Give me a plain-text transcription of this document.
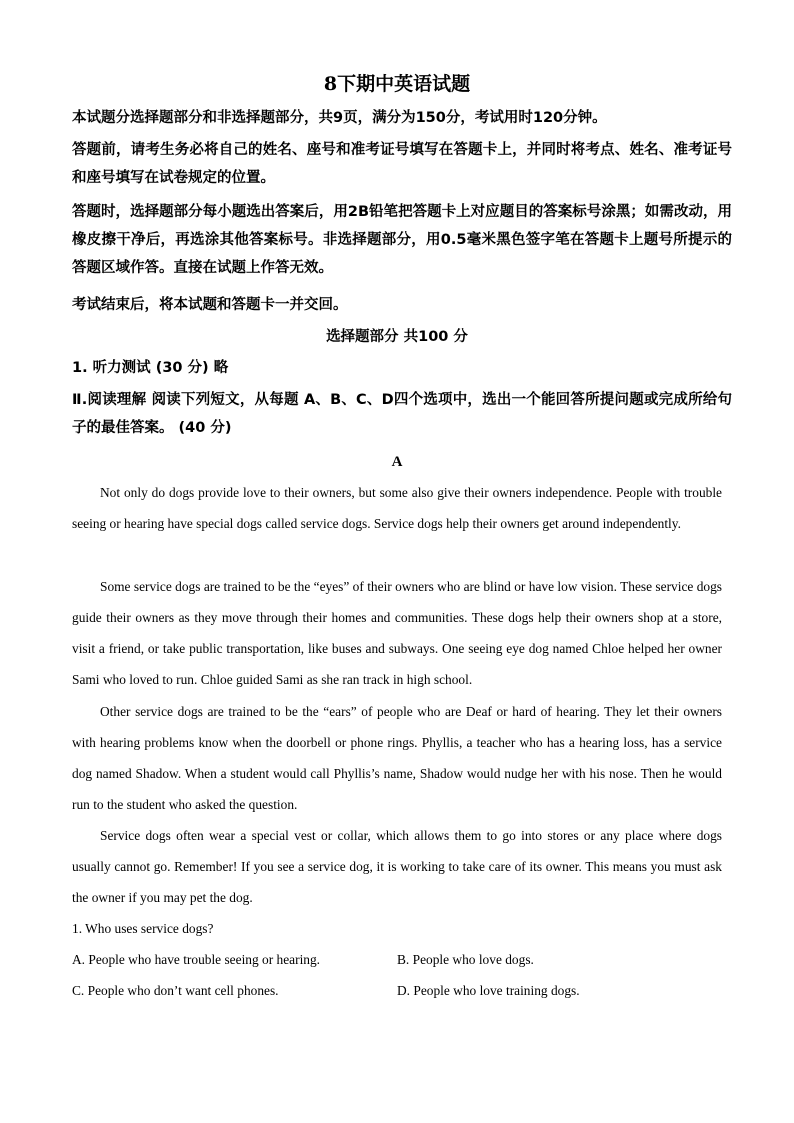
8下期中英语试题

本试题分选择题部分和非选择题部分，共9页，满分为150分，考试用时120分钟。

答题前，请考生务必将自己的姓名、座号和准考证号填写在答题卡上，并同时将考点、姓名、准考证号和座号填写在试卷规定的位置。

答题时，选择题部分每小题选出答案后，用2B铅笔把答题卡上对应题目的答案标号涂黑；如需改动，用橡皮擦干净后，再选涂其他答案标号。非选择题部分，用0.5毫米黑色签字笔在答题卡上题号所提示的答题区域作答。直接在试题上作答无效。

考试结束后，将本试题和答题卡一并交回。

选择题部分 共100 分

1. 听力测试 (30 分) 略

Ⅱ.阅读理解 阅读下列短文，从每题 A、B、C、D四个选项中，选出一个能回答所提问题或完成所给句子的最佳答案。 (40 分)

A

Not only do dogs provide love to their owners, but some also give their owners independence. People with trouble seeing or hearing have special dogs called service dogs. Service dogs help their owners get around independently.

Some service dogs are trained to be the “eyes” of their owners who are blind or have low vision. These service dogs guide their owners as they move through their homes and communities. These dogs help their owners shop at a store, visit a friend, or take public transportation, like buses and subways. One seeing eye dog named Chloe helped her owner Sami who loved to run. Chloe guided Sami as she ran track in high school.

Other service dogs are trained to be the “ears” of people who are Deaf or hard of hearing. They let their owners with hearing problems know when the doorbell or phone rings. Phyllis, a teacher who has a hearing loss, has a service dog named Shadow. When a student would call Phyllis’s name, Shadow would nudge her with his nose. Then he would run to the student who asked the question.

Service dogs often wear a special vest or collar, which allows them to go into stores or any place where dogs usually cannot go. Remember! If you see a service dog, it is working to take care of its owner. This means you must ask the owner if you may pet the dog.

1. Who uses service dogs?

A. People who have trouble seeing or hearing.	B. People who love dogs.

C. People who don’t want cell phones.	D. People who love training dogs.
